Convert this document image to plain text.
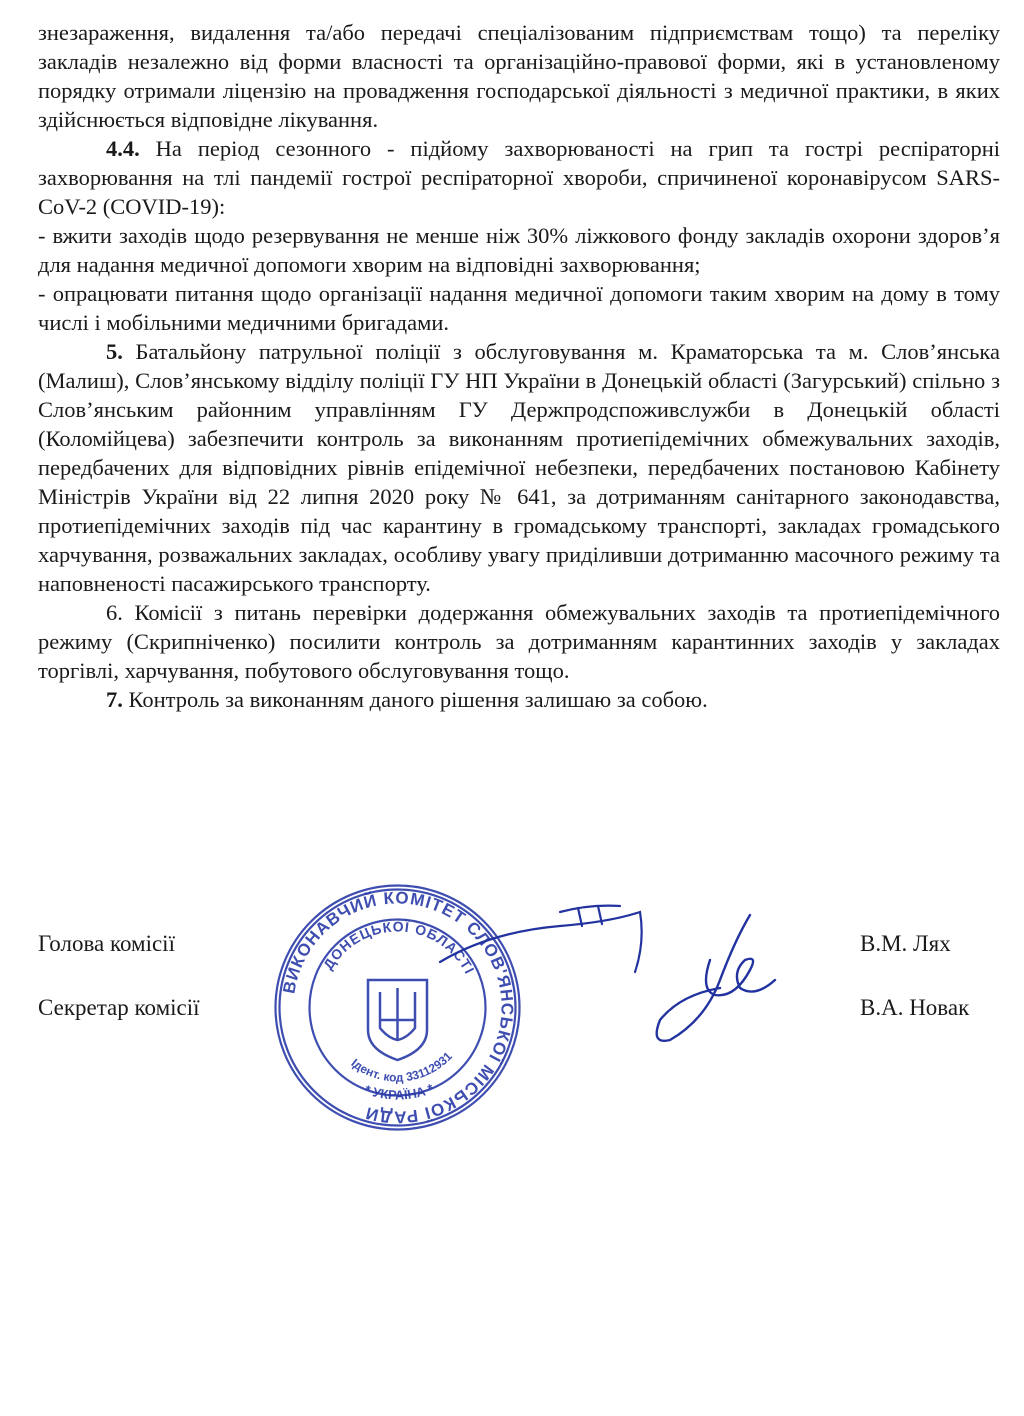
знезараження, видалення та/або передачі спеціалізованим підприємствам тощо) та переліку закладів незалежно від форми власності та організаційно-правової форми, які в установленому порядку отримали ліцензію на провадження господарської діяльності з медичної практики, в яких здійснюється відповідне лікування.

4.4. На період сезонного - підйому захворюваності на грип та гострі респіраторні захворювання на тлі пандемії гострої респіраторної хвороби, спричиненої коронавірусом SARS-CoV-2 (COVID-19):

- вжити заходів щодо резервування не менше ніж 30% ліжкового фонду закладів охорони здоров’я для надання медичної допомоги хворим на відповідні захворювання;

- опрацювати питання щодо організації надання медичної допомоги таким хворим на дому в тому числі і мобільними медичними бригадами.

5. Батальйону патрульної поліції з обслуговування м. Краматорська та м. Слов’янська (Малиш), Слов’янському відділу поліції ГУ НП України в Донецькій області (Загурський) спільно з Слов’янським районним управлінням ГУ Держпродспоживслужби в Донецькій області (Коломійцева) забезпечити контроль за виконанням протиепідемічних обмежувальних заходів, передбачених для відповідних рівнів епідемічної небезпеки, передбачених постановою Кабінету Міністрів України від 22 липня 2020 року № 641, за дотриманням санітарного законодавства, протиепідемічних заходів під час карантину в громадському транспорті, закладах громадського харчування, розважальних закладах, особливу увагу приділивши дотриманню масочного режиму та наповненості пасажирського транспорту.

6. Комісії з питань перевірки додержання обмежувальних заходів та протиепідемічного режиму (Скрипніченко) посилити контроль за дотриманням карантинних заходів у закладах торгівлі, харчування, побутового обслуговування тощо.

7. Контроль за виконанням даного рішення залишаю за собою.

Голова комісії	В.М. Лях
Секретар комісії	В.А. Новак
ВИКОНАВЧИЙ КОМІТЕТ СЛОВ'ЯНСЬКОЇ МІСЬКОЇ РАДИ
ДОНЕЦЬКОЇ ОБЛАСТІ
* УКРАЇНА *
Ідент. код 33112931
